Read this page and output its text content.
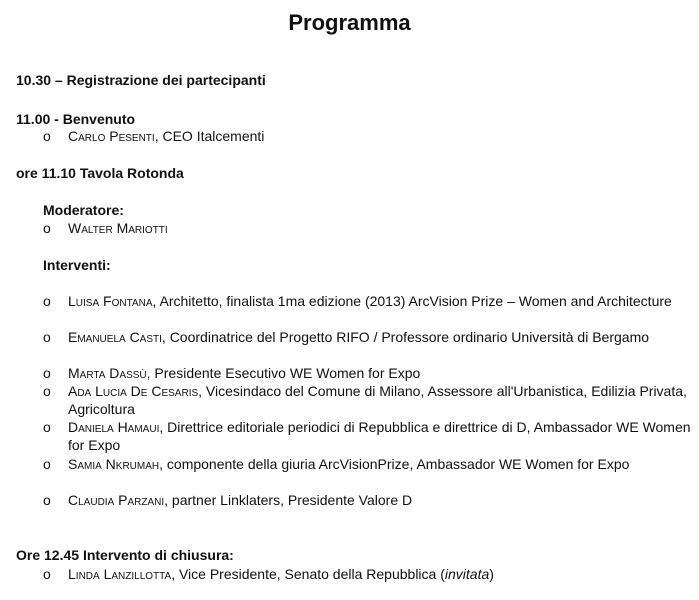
Programma
10.30 – Registrazione dei partecipanti
11.00 - Benvenuto
o Carlo Pesenti, CEO Italcementi
ore 11.10 Tavola Rotonda
Moderatore:
o Walter Mariotti
Interventi:
o Luisa Fontana, Architetto, finalista 1ma edizione (2013) ArcVision Prize – Women and Architecture
o Emanuela Casti, Coordinatrice del Progetto RIFO / Professore ordinario Università di Bergamo
o Marta Dassù, Presidente Esecutivo WE Women for Expo
o Ada Lucia De Cesaris, Vicesindaco del Comune di Milano, Assessore all'Urbanistica, Edilizia Privata, Agricoltura
o Daniela Hamaui, Direttrice editoriale periodici di Repubblica e direttrice di D, Ambassador WE Women for Expo
o Samia Nkrumah, componente della giuria ArcVisionPrize, Ambassador WE Women for Expo
o Claudia Parzani, partner Linklaters, Presidente Valore D
Ore 12.45 Intervento di chiusura:
o Linda Lanzillotta, Vice Presidente, Senato della Repubblica (invitata)
